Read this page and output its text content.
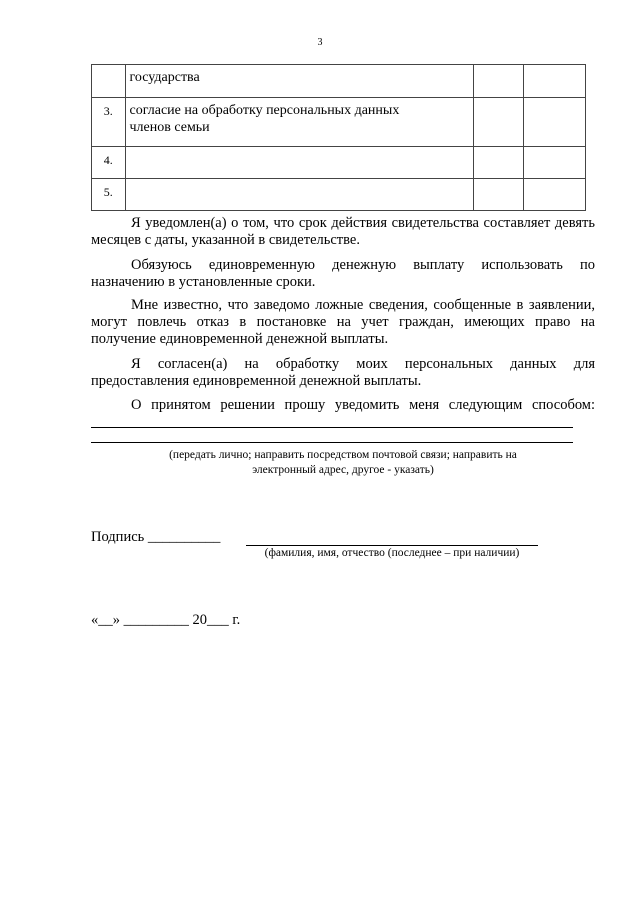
3

	государства		

3.	согласие на обработку персональных данных
членов семьи		

4.			
5.			
Я уведомлен(а) о том, что срок действия свидетельства составляет девять месяцев с даты, указанной в свидетельстве.
Обязуюсь единовременную денежную выплату использовать по назначению в установленные сроки.
Мне известно, что заведомо ложные сведения, сообщенные в заявлении, могут повлечь отказ в постановке на учет граждан, имеющих право на получение единовременной денежной выплаты.
Я согласен(а) на обработку моих персональных данных для предоставления единовременной денежной выплаты.
О принятом решении прошу уведомить меня следующим способом:
(передать лично; направить посредством почтовой связи; направить на
электронный адрес, другое - указать)
Подпись __________
(фамилия, имя, отчество (последнее – при наличии)
«__» _________ 20___ г.
